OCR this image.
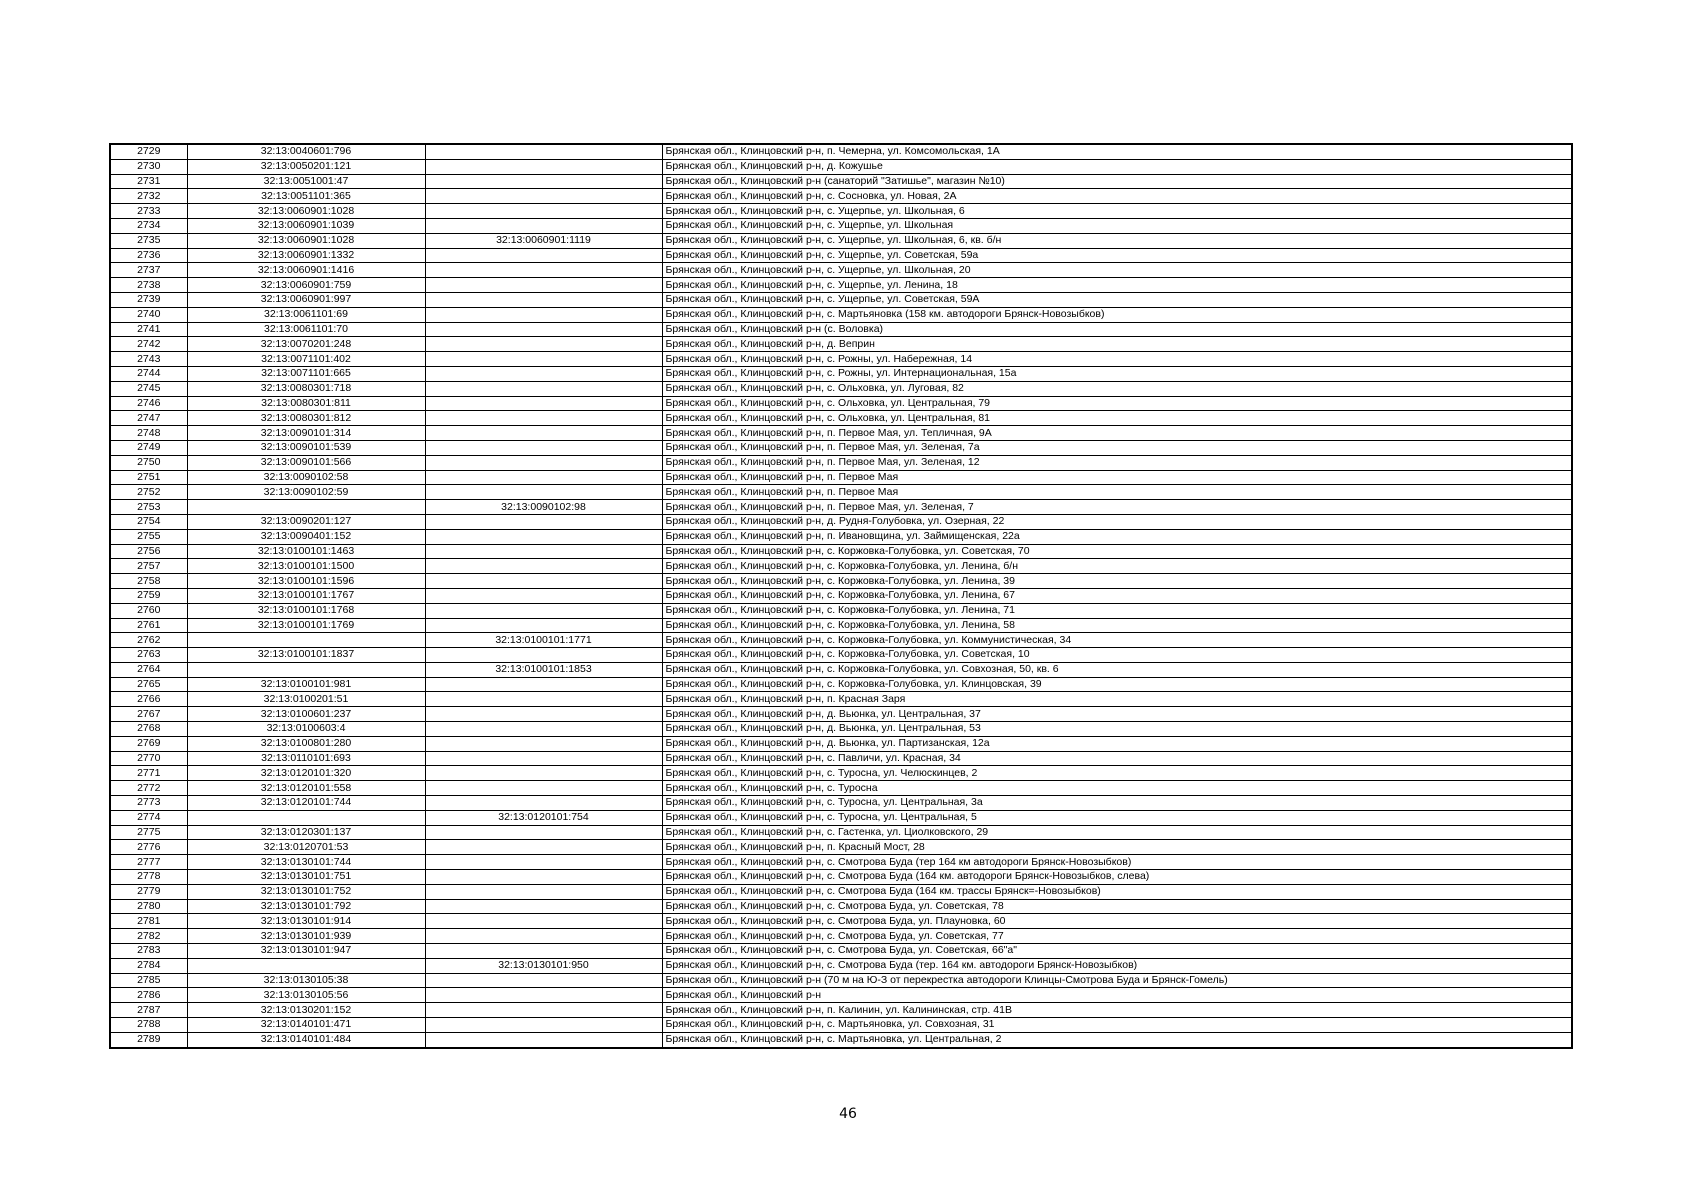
2729	32:13:0040601:796		Брянская обл., Клинцовский р-н, п. Чемерна, ул. Комсомольская, 1А
2730	32:13:0050201:121		Брянская обл., Клинцовский р-н, д. Кожушье
2731	32:13:0051001:47		Брянская обл., Клинцовский р-н (санаторий "Затишье", магазин №10)
2732	32:13:0051101:365		Брянская обл., Клинцовский р-н, с. Сосновка, ул. Новая, 2А
2733	32:13:0060901:1028		Брянская обл., Клинцовский р-н, с. Ущерпье, ул. Школьная, 6
2734	32:13:0060901:1039		Брянская обл., Клинцовский р-н, с. Ущерпье, ул. Школьная
2735	32:13:0060901:1028	32:13:0060901:1119	Брянская обл., Клинцовский р-н, с. Ущерпье, ул. Школьная, 6, кв. б/н
2736	32:13:0060901:1332		Брянская обл., Клинцовский р-н, с. Ущерпье, ул. Советская, 59а
2737	32:13:0060901:1416		Брянская обл., Клинцовский р-н, с. Ущерпье, ул. Школьная, 20
2738	32:13:0060901:759		Брянская обл., Клинцовский р-н, с. Ущерпье, ул. Ленина, 18
2739	32:13:0060901:997		Брянская обл., Клинцовский р-н, с. Ущерпье, ул. Советская, 59А
2740	32:13:0061101:69		Брянская обл., Клинцовский р-н, с. Мартьяновка (158 км. автодороги Брянск-Новозыбков)
2741	32:13:0061101:70		Брянская обл., Клинцовский р-н (с. Воловка)
2742	32:13:0070201:248		Брянская обл., Клинцовский р-н, д. Веприн
2743	32:13:0071101:402		Брянская обл., Клинцовский р-н, с. Рожны, ул. Набережная, 14
2744	32:13:0071101:665		Брянская обл., Клинцовский р-н, с. Рожны, ул. Интернациональная, 15а
2745	32:13:0080301:718		Брянская обл., Клинцовский р-н, с. Ольховка, ул. Луговая, 82
2746	32:13:0080301:811		Брянская обл., Клинцовский р-н, с. Ольховка, ул. Центральная, 79
2747	32:13:0080301:812		Брянская обл., Клинцовский р-н, с. Ольховка, ул. Центральная, 81
2748	32:13:0090101:314		Брянская обл., Клинцовский р-н, п. Первое Мая, ул. Тепличная, 9А
2749	32:13:0090101:539		Брянская обл., Клинцовский р-н, п. Первое Мая, ул. Зеленая, 7а
2750	32:13:0090101:566		Брянская обл., Клинцовский р-н, п. Первое Мая, ул. Зеленая, 12
2751	32:13:0090102:58		Брянская обл., Клинцовский р-н, п. Первое Мая
2752	32:13:0090102:59		Брянская обл., Клинцовский р-н, п. Первое Мая
2753		32:13:0090102:98	Брянская обл., Клинцовский р-н, п. Первое Мая, ул. Зеленая, 7
2754	32:13:0090201:127		Брянская обл., Клинцовский р-н, д. Рудня-Голубовка, ул. Озерная, 22
2755	32:13:0090401:152		Брянская обл., Клинцовский р-н, п. Ивановщина, ул. Займищенская, 22а
2756	32:13:0100101:1463		Брянская обл., Клинцовский р-н, с. Коржовка-Голубовка, ул. Советская, 70
2757	32:13:0100101:1500		Брянская обл., Клинцовский р-н, с. Коржовка-Голубовка, ул. Ленина, б/н
2758	32:13:0100101:1596		Брянская обл., Клинцовский р-н, с. Коржовка-Голубовка, ул. Ленина, 39
2759	32:13:0100101:1767		Брянская обл., Клинцовский р-н, с. Коржовка-Голубовка, ул. Ленина, 67
2760	32:13:0100101:1768		Брянская обл., Клинцовский р-н, с. Коржовка-Голубовка, ул. Ленина, 71
2761	32:13:0100101:1769		Брянская обл., Клинцовский р-н, с. Коржовка-Голубовка, ул. Ленина, 58
2762		32:13:0100101:1771	Брянская обл., Клинцовский р-н, с. Коржовка-Голубовка, ул. Коммунистическая, 34
2763	32:13:0100101:1837		Брянская обл., Клинцовский р-н, с. Коржовка-Голубовка, ул. Советская, 10
2764		32:13:0100101:1853	Брянская обл., Клинцовский р-н, с. Коржовка-Голубовка, ул. Совхозная, 50, кв. 6
2765	32:13:0100101:981		Брянская обл., Клинцовский р-н, с. Коржовка-Голубовка, ул. Клинцовская, 39
2766	32:13:0100201:51		Брянская обл., Клинцовский р-н, п. Красная Заря
2767	32:13:0100601:237		Брянская обл., Клинцовский р-н, д. Вьюнка, ул. Центральная, 37
2768	32:13:0100603:4		Брянская обл., Клинцовский р-н, д. Вьюнка, ул. Центральная, 53
2769	32:13:0100801:280		Брянская обл., Клинцовский р-н, д. Вьюнка, ул. Партизанская, 12а
2770	32:13:0110101:693		Брянская обл., Клинцовский р-н, с. Павличи, ул. Красная, 34
2771	32:13:0120101:320		Брянская обл., Клинцовский р-н, с. Туросна, ул. Челюскинцев, 2
2772	32:13:0120101:558		Брянская обл., Клинцовский р-н, с. Туросна
2773	32:13:0120101:744		Брянская обл., Клинцовский р-н, с. Туросна, ул. Центральная, 3а
2774		32:13:0120101:754	Брянская обл., Клинцовский р-н, с. Туросна, ул. Центральная, 5
2775	32:13:0120301:137		Брянская обл., Клинцовский р-н, с. Гастенка, ул. Циолковского, 29
2776	32:13:0120701:53		Брянская обл., Клинцовский р-н, п. Красный Мост, 28
2777	32:13:0130101:744		Брянская обл., Клинцовский р-н, с. Смотрова Буда (тер 164 км автодороги Брянск-Новозыбков)
2778	32:13:0130101:751		Брянская обл., Клинцовский р-н, с. Смотрова Буда (164 км. автодороги Брянск-Новозыбков, слева)
2779	32:13:0130101:752		Брянская обл., Клинцовский р-н, с. Смотрова Буда (164 км. трассы Брянск=-Новозыбков)
2780	32:13:0130101:792		Брянская обл., Клинцовский р-н, с. Смотрова Буда, ул. Советская, 78
2781	32:13:0130101:914		Брянская обл., Клинцовский р-н, с. Смотрова Буда, ул. Плауновка, 60
2782	32:13:0130101:939		Брянская обл., Клинцовский р-н, с. Смотрова Буда, ул. Советская, 77
2783	32:13:0130101:947		Брянская обл., Клинцовский р-н, с. Смотрова Буда, ул. Советская, 66"а"
2784		32:13:0130101:950	Брянская обл., Клинцовский р-н, с. Смотрова Буда (тер. 164 км. автодороги Брянск-Новозыбков)
2785	32:13:0130105:38		Брянская обл., Клинцовский р-н (70 м на Ю-З от перекрестка автодороги Клинцы-Смотрова Буда и Брянск-Гомель)
2786	32:13:0130105:56		Брянская обл., Клинцовский р-н
2787	32:13:0130201:152		Брянская обл., Клинцовский р-н, п. Калинин, ул. Калининская, стр. 41В
2788	32:13:0140101:471		Брянская обл., Клинцовский р-н, с. Мартьяновка, ул. Совхозная, 31
2789	32:13:0140101:484		Брянская обл., Клинцовский р-н, с. Мартьяновка, ул. Центральная, 2
46
